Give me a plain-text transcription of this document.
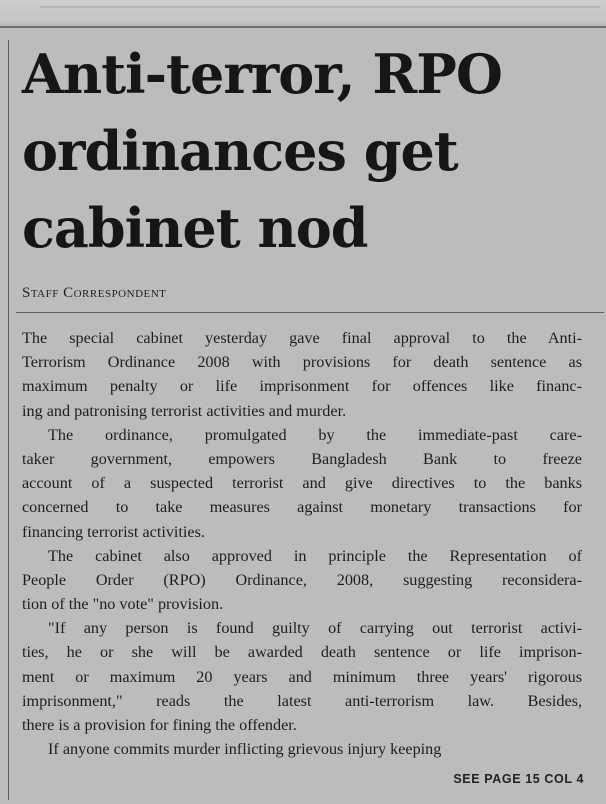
Anti-terror, RPO
ordinances get
cabinet nod
Staff Correspondent
The special cabinet yesterday gave final approval to the Anti-
Terrorism Ordinance 2008 with provisions for death sentence as
maximum penalty or life imprisonment for offences like financ-
ing and patronising terrorist activities and murder.
The ordinance, promulgated by the immediate-past care-
taker government, empowers Bangladesh Bank to freeze
account of a suspected terrorist and give directives to the banks
concerned to take measures against monetary transactions for
financing terrorist activities.
The cabinet also approved in principle the Representation of
People Order (RPO) Ordinance, 2008, suggesting reconsidera-
tion of the "no vote" provision.
"If any person is found guilty of carrying out terrorist activi-
ties, he or she will be awarded death sentence or life imprison-
ment or maximum 20 years and minimum three years' rigorous
imprisonment," reads the latest anti-terrorism law. Besides,
there is a provision for fining the offender.
If anyone commits murder inflicting grievous injury keeping
SEE PAGE 15 COL 4
